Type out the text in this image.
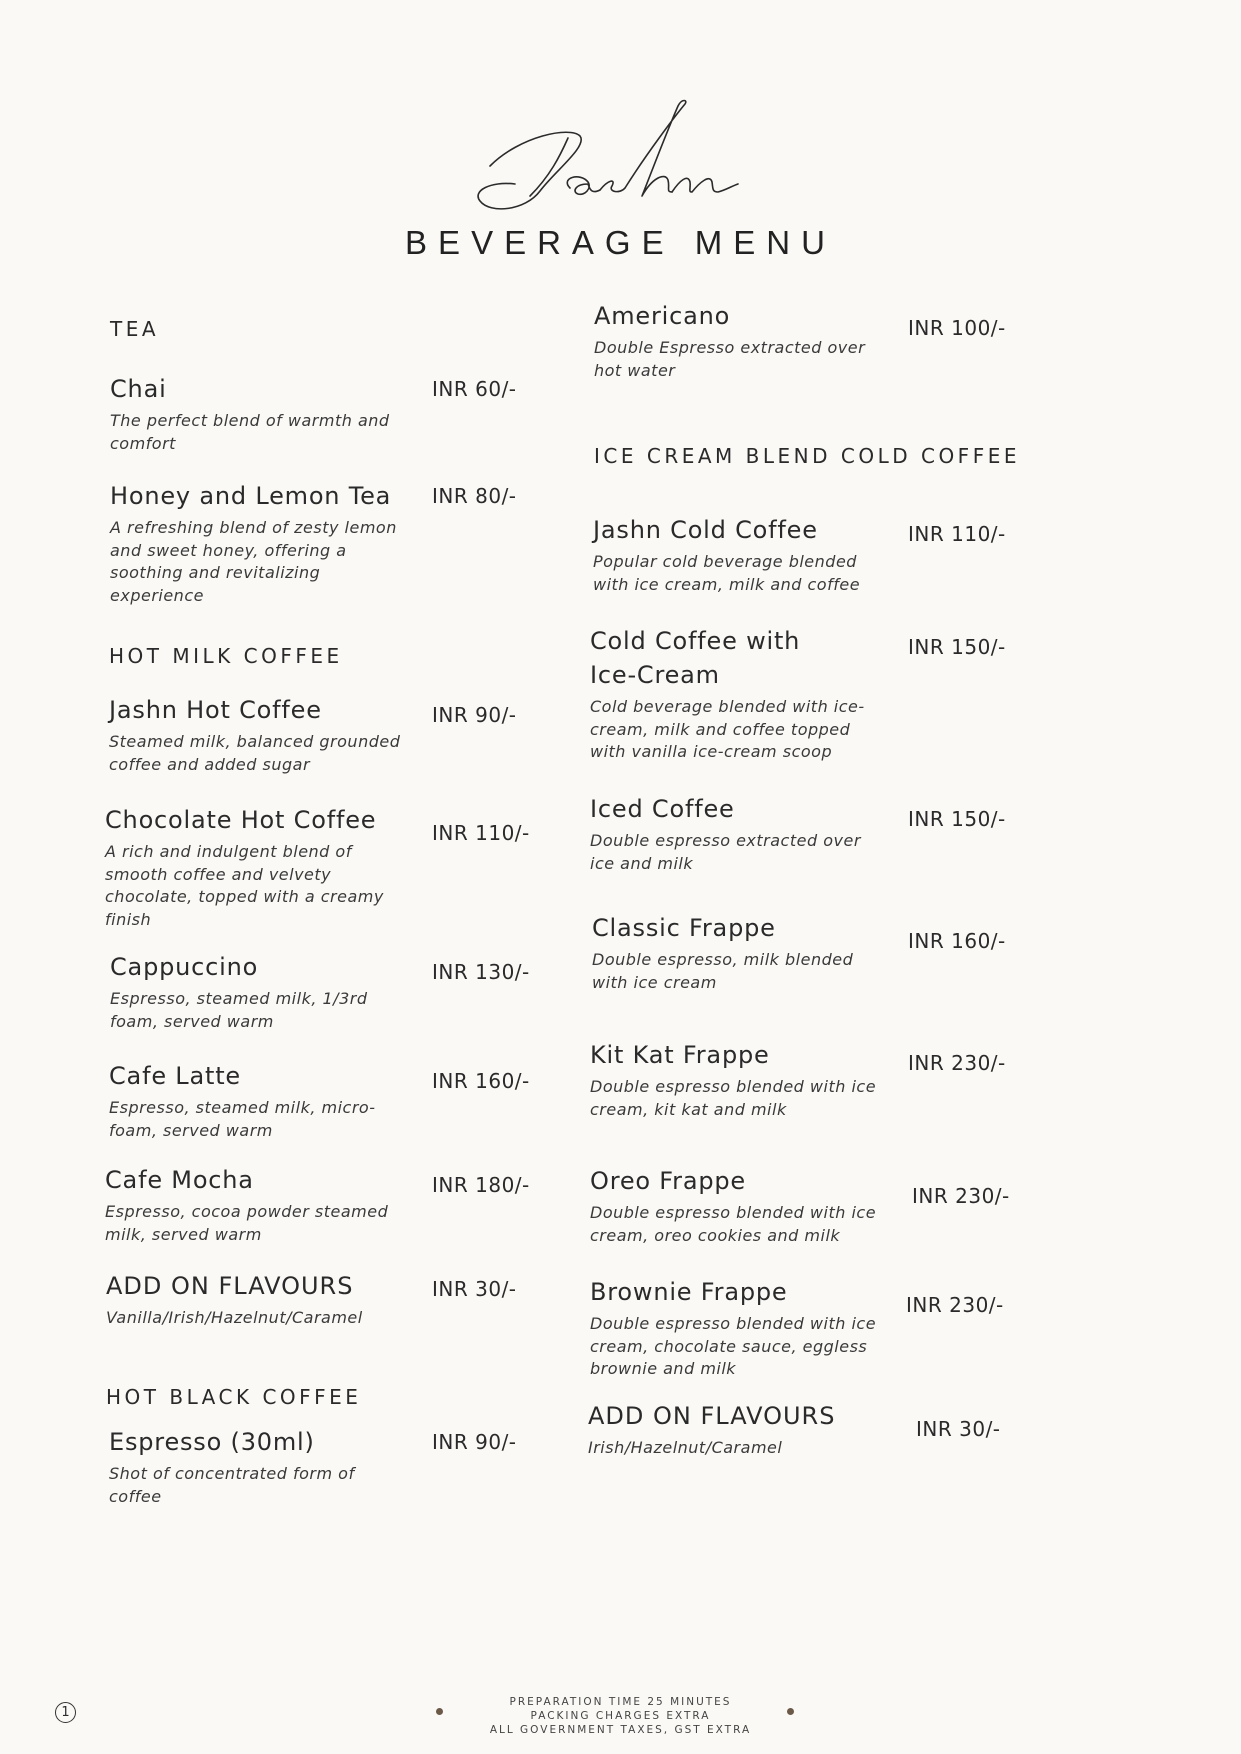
BEVERAGE MENU
TEA
Chai
The perfect blend of warmth and
comfort
INR 60/-
Honey and Lemon Tea
A refreshing blend of zesty lemon
and sweet honey, offering a
soothing and revitalizing
experience
INR 80/-
HOT MILK COFFEE
Jashn Hot Coffee
Steamed milk, balanced grounded
coffee and added sugar
INR 90/-
Chocolate Hot Coffee
A rich and indulgent blend of
smooth coffee and velvety
chocolate, topped with a creamy
finish
INR 110/-
Cappuccino
Espresso, steamed milk, 1/3rd
foam, served warm
INR 130/-
Cafe Latte
Espresso, steamed milk, micro-
foam, served warm
INR 160/-
Cafe Mocha
Espresso, cocoa powder steamed
milk, served warm
INR 180/-
ADD ON FLAVOURS
Vanilla/Irish/Hazelnut/Caramel
INR 30/-
HOT BLACK COFFEE
Espresso (30ml)
Shot of concentrated form of
coffee
INR 90/-
Americano
Double Espresso extracted over
hot water
INR 100/-
ICE CREAM BLEND COLD COFFEE
Jashn Cold Coffee
Popular cold beverage blended
with ice cream, milk and coffee
INR 110/-
Cold Coffee with
Ice-Cream
Cold beverage blended with ice-
cream, milk and coffee topped
with vanilla ice-cream scoop
INR 150/-
Iced Coffee
Double espresso extracted over
ice and milk
INR 150/-
Classic Frappe
Double espresso, milk blended
with ice cream
INR 160/-
Kit Kat Frappe
Double espresso blended with ice
cream, kit kat and milk
INR 230/-
Oreo Frappe
Double espresso blended with ice
cream, oreo cookies and milk
INR 230/-
Brownie Frappe
Double espresso blended with ice
cream, chocolate sauce, eggless
brownie and milk
INR 230/-
ADD ON FLAVOURS
Irish/Hazelnut/Caramel
INR 30/-
PREPARATION TIME 25 MINUTES
PACKING CHARGES EXTRA
ALL GOVERNMENT TAXES, GST EXTRA
1
